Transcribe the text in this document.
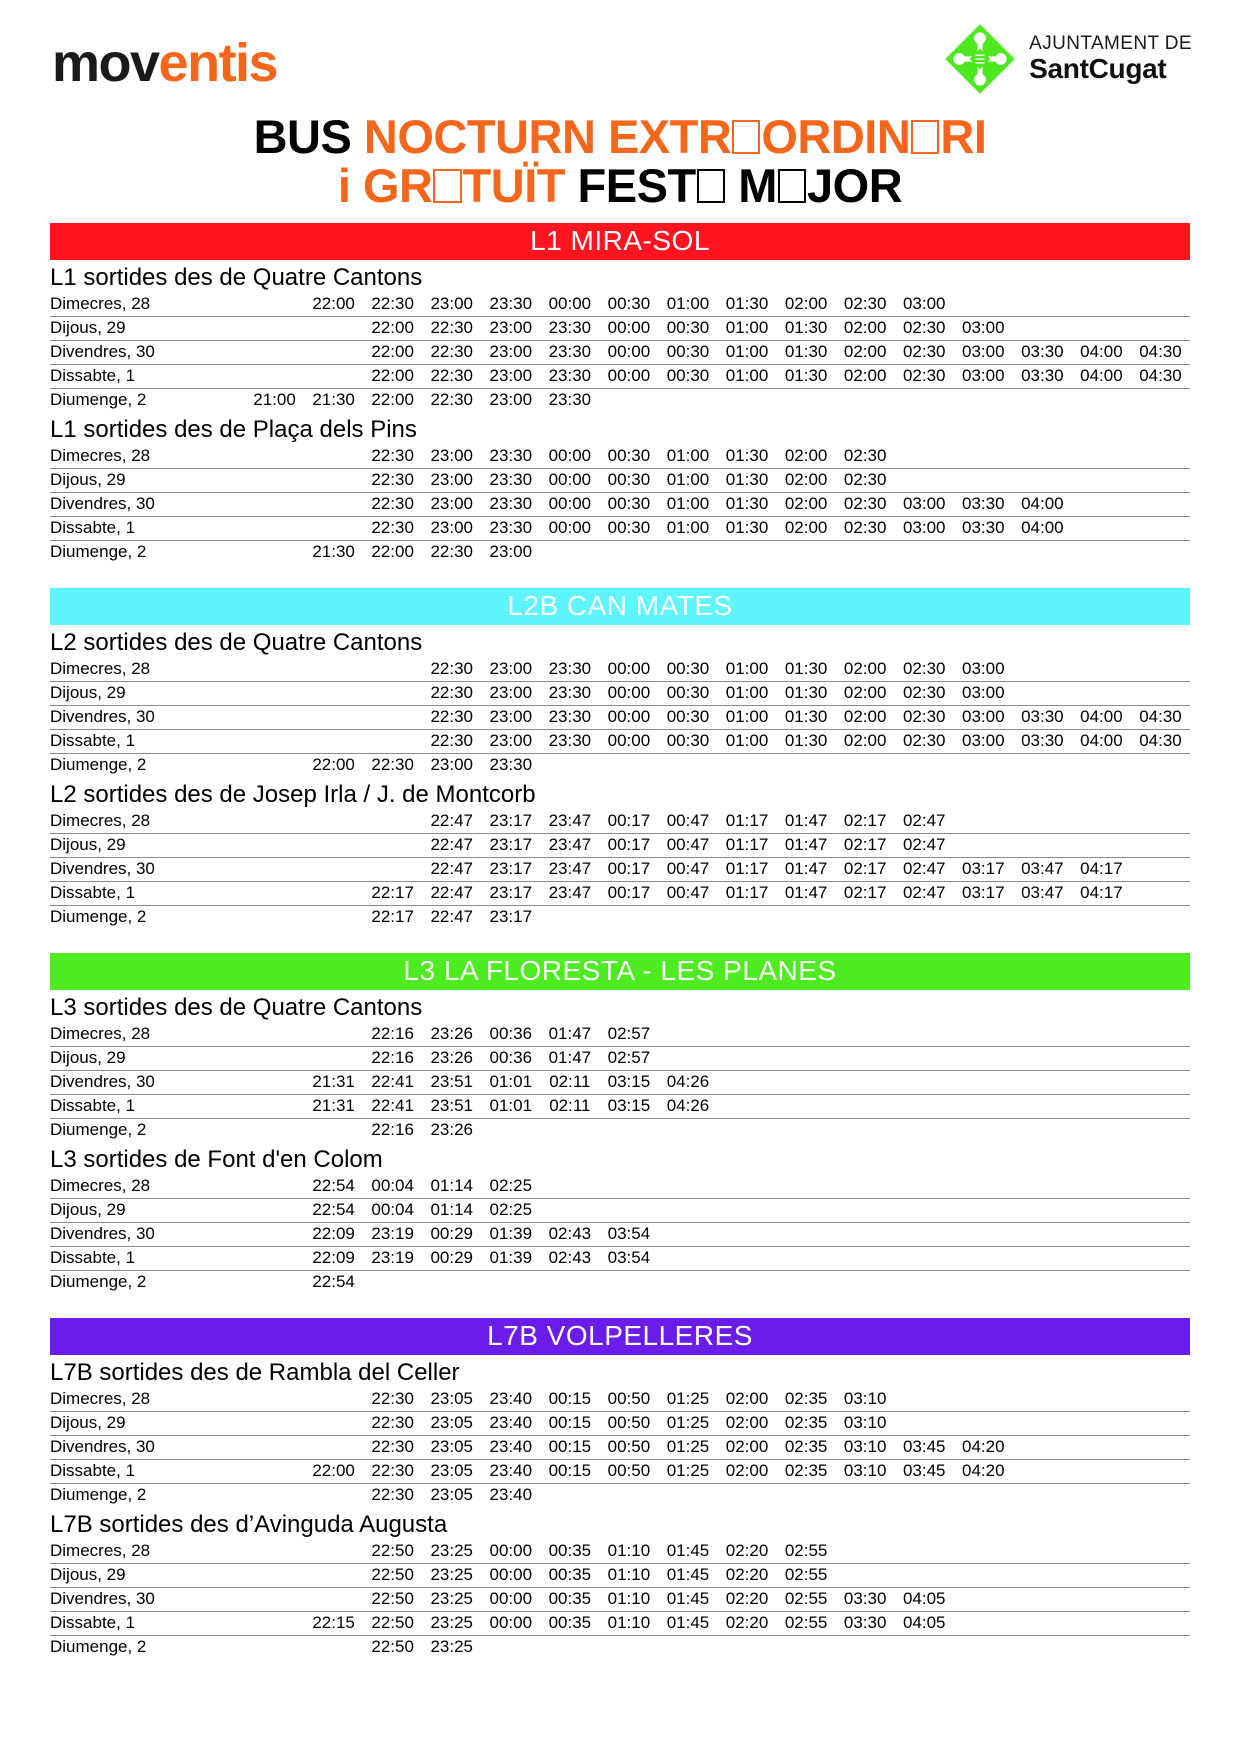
moventis	AJUNTAMENT DE
SantCugat
BUS NOCTURN EXTR ORDIN RI
i GR TUÏT FEST M JOR
L1 MIRA-SOL
L1 sortides des de Quatre Cantons
Dimecres, 28		22:00	22:30	23:00	23:30	00:00	00:30	01:00	01:30	02:00	02:30	03:00				
Dijous, 29			22:00	22:30	23:00	23:30	00:00	00:30	01:00	01:30	02:00	02:30	03:00			
Divendres, 30			22:00	22:30	23:00	23:30	00:00	00:30	01:00	01:30	02:00	02:30	03:00	03:30	04:00	04:30
Dissabte, 1			22:00	22:30	23:00	23:30	00:00	00:30	01:00	01:30	02:00	02:30	03:00	03:30	04:00	04:30
Diumenge, 2	21:00	21:30	22:00	22:30	23:00	23:30										
L1 sortides des de Plaça dels Pins
Dimecres, 28			22:30	23:00	23:30	00:00	00:30	01:00	01:30	02:00	02:30					
Dijous, 29			22:30	23:00	23:30	00:00	00:30	01:00	01:30	02:00	02:30					
Divendres, 30			22:30	23:00	23:30	00:00	00:30	01:00	01:30	02:00	02:30	03:00	03:30	04:00		
Dissabte, 1			22:30	23:00	23:30	00:00	00:30	01:00	01:30	02:00	02:30	03:00	03:30	04:00		
Diumenge, 2		21:30	22:00	22:30	23:00											
L2B CAN MATES
L2 sortides des de Quatre Cantons
Dimecres, 28				22:30	23:00	23:30	00:00	00:30	01:00	01:30	02:00	02:30	03:00			
Dijous, 29				22:30	23:00	23:30	00:00	00:30	01:00	01:30	02:00	02:30	03:00			
Divendres, 30				22:30	23:00	23:30	00:00	00:30	01:00	01:30	02:00	02:30	03:00	03:30	04:00	04:30
Dissabte, 1				22:30	23:00	23:30	00:00	00:30	01:00	01:30	02:00	02:30	03:00	03:30	04:00	04:30
Diumenge, 2		22:00	22:30	23:00	23:30											
L2 sortides des de Josep Irla / J. de Montcorb
Dimecres, 28				22:47	23:17	23:47	00:17	00:47	01:17	01:47	02:17	02:47				
Dijous, 29				22:47	23:17	23:47	00:17	00:47	01:17	01:47	02:17	02:47				
Divendres, 30				22:47	23:17	23:47	00:17	00:47	01:17	01:47	02:17	02:47	03:17	03:47	04:17	
Dissabte, 1			22:17	22:47	23:17	23:47	00:17	00:47	01:17	01:47	02:17	02:47	03:17	03:47	04:17	
Diumenge, 2			22:17	22:47	23:17											
L3 LA FLORESTA - LES PLANES
L3 sortides des de Quatre Cantons
Dimecres, 28			22:16	23:26	00:36	01:47	02:57									
Dijous, 29			22:16	23:26	00:36	01:47	02:57									
Divendres, 30		21:31	22:41	23:51	01:01	02:11	03:15	04:26								
Dissabte, 1		21:31	22:41	23:51	01:01	02:11	03:15	04:26								
Diumenge, 2			22:16	23:26												
L3 sortides de Font d'en Colom
Dimecres, 28		22:54	00:04	01:14	02:25											
Dijous, 29		22:54	00:04	01:14	02:25											
Divendres, 30		22:09	23:19	00:29	01:39	02:43	03:54									
Dissabte, 1		22:09	23:19	00:29	01:39	02:43	03:54									
Diumenge, 2		22:54														
L7B VOLPELLERES
L7B sortides des de Rambla del Celler
Dimecres, 28			22:30	23:05	23:40	00:15	00:50	01:25	02:00	02:35	03:10					
Dijous, 29			22:30	23:05	23:40	00:15	00:50	01:25	02:00	02:35	03:10					
Divendres, 30			22:30	23:05	23:40	00:15	00:50	01:25	02:00	02:35	03:10	03:45	04:20			
Dissabte, 1		22:00	22:30	23:05	23:40	00:15	00:50	01:25	02:00	02:35	03:10	03:45	04:20			
Diumenge, 2			22:30	23:05	23:40											
L7B sortides des d’Avinguda Augusta
Dimecres, 28			22:50	23:25	00:00	00:35	01:10	01:45	02:20	02:55						
Dijous, 29			22:50	23:25	00:00	00:35	01:10	01:45	02:20	02:55						
Divendres, 30			22:50	23:25	00:00	00:35	01:10	01:45	02:20	02:55	03:30	04:05				
Dissabte, 1		22:15	22:50	23:25	00:00	00:35	01:10	01:45	02:20	02:55	03:30	04:05				
Diumenge, 2			22:50	23:25												
